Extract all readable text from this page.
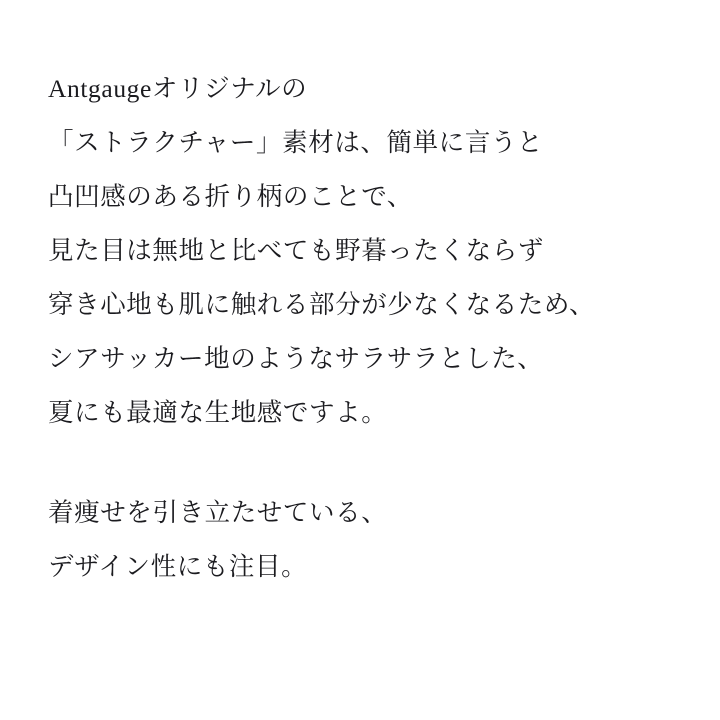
Antgaugeオリジナルの
「ストラクチャー」素材は、簡単に言うと
凸凹感のある折り柄のことで、
見た目は無地と比べても野暮ったくならず
穿き心地も肌に触れる部分が少なくなるため、
シアサッカー地のようなサラサラとした、
夏にも最適な生地感ですよ。

着痩せを引き立たせている、
デザイン性にも注目。
